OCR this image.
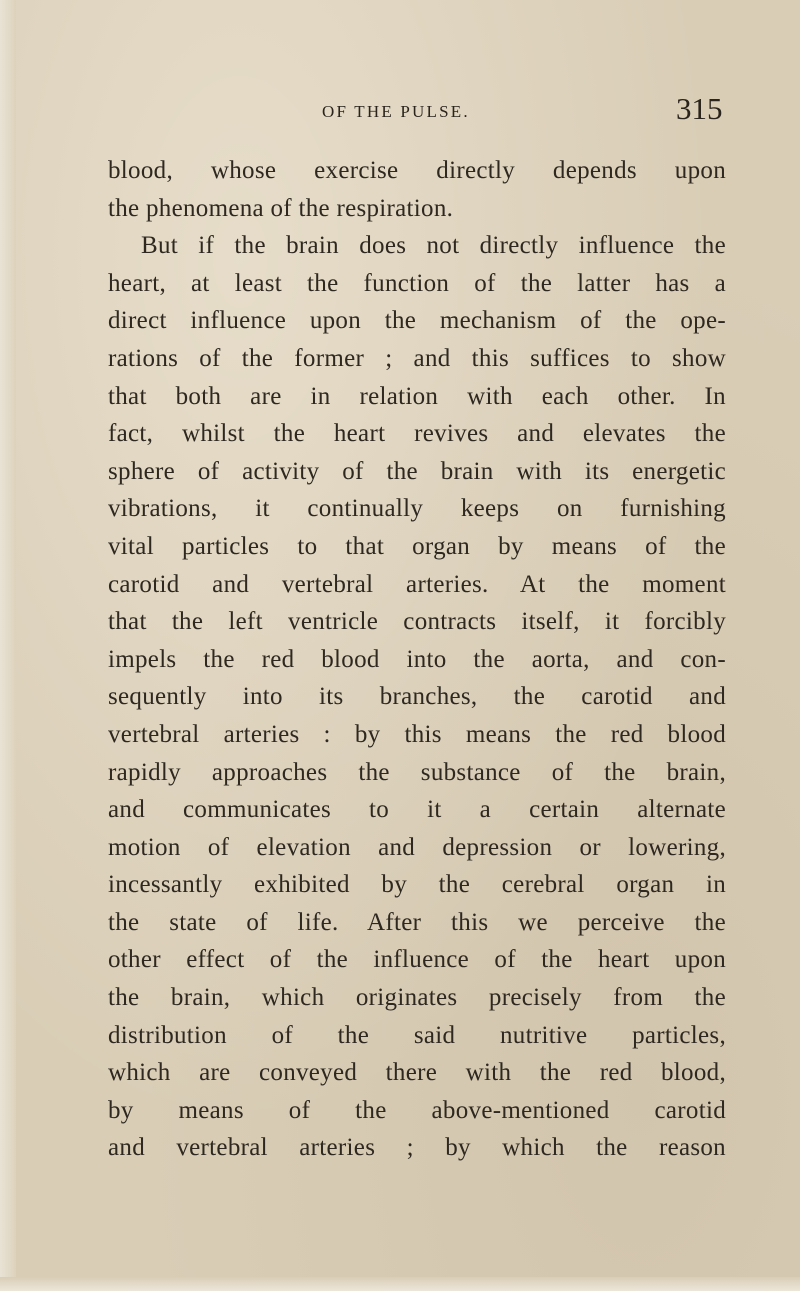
OF THE PULSE.	315
blood, whose exercise directly depends upon
the phenomena of the respiration.
But if the brain does not directly influence the
heart, at least the function of the latter has a
direct influence upon the mechanism of the ope-
rations of the former ; and this suffices to show
that both are in relation with each other. In
fact, whilst the heart revives and elevates the
sphere of activity of the brain with its energetic
vibrations, it continually keeps on furnishing
vital particles to that organ by means of the
carotid and vertebral arteries. At the moment
that the left ventricle contracts itself, it forcibly
impels the red blood into the aorta, and con-
sequently into its branches, the carotid and
vertebral arteries : by this means the red blood
rapidly approaches the substance of the brain,
and communicates to it a certain alternate
motion of elevation and depression or lowering,
incessantly exhibited by the cerebral organ in
the state of life. After this we perceive the
other effect of the influence of the heart upon
the brain, which originates precisely from the
distribution of the said nutritive particles,
which are conveyed there with the red blood,
by means of the above-mentioned carotid
and vertebral arteries ; by which the reason
